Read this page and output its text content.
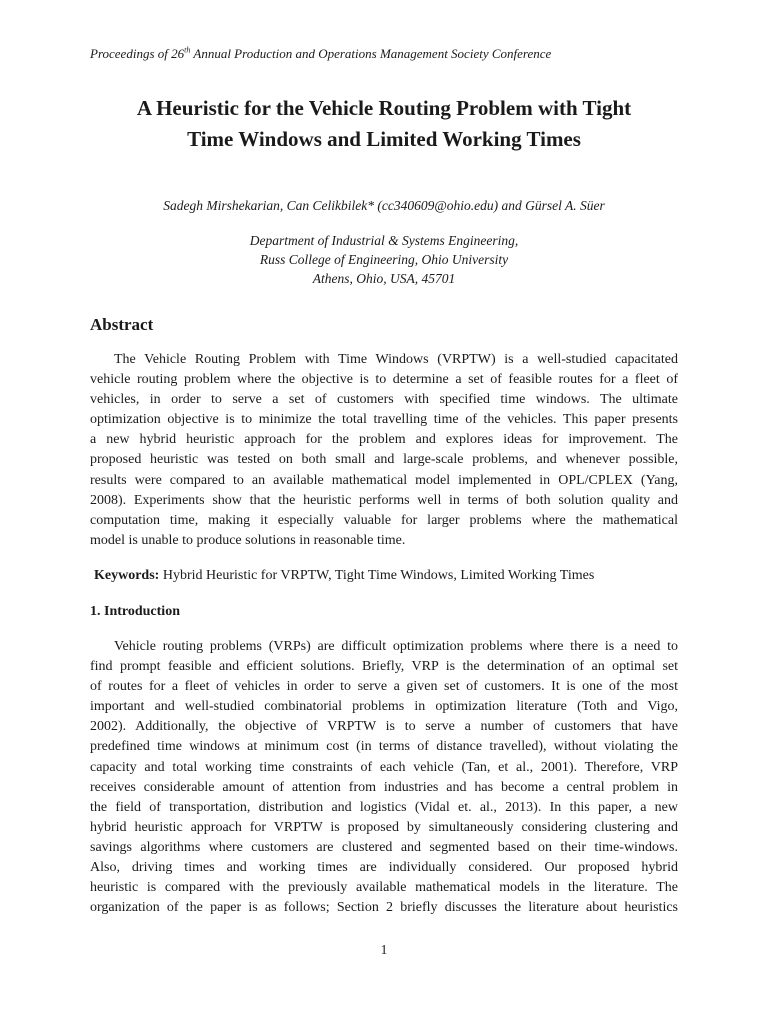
Proceedings of 26th Annual Production and Operations Management Society Conference
A Heuristic for the Vehicle Routing Problem with Tight
Time Windows and Limited Working Times
Sadegh Mirshekarian, Can Celikbilek* (cc340609@ohio.edu) and Gürsel A. Süer
Department of Industrial & Systems Engineering,
Russ College of Engineering, Ohio University
Athens, Ohio, USA, 45701
Abstract
The Vehicle Routing Problem with Time Windows (VRPTW) is a well-studied capacitated
vehicle routing problem where the objective is to determine a set of feasible routes for a fleet of
vehicles, in order to serve a set of customers with specified time windows. The ultimate
optimization objective is to minimize the total travelling time of the vehicles. This paper presents
a new hybrid heuristic approach for the problem and explores ideas for improvement. The
proposed heuristic was tested on both small and large-scale problems, and whenever possible,
results were compared to an available mathematical model implemented in OPL/CPLEX (Yang,
2008). Experiments show that the heuristic performs well in terms of both solution quality and
computation time, making it especially valuable for larger problems where the mathematical
model is unable to produce solutions in reasonable time.
Keywords: Hybrid Heuristic for VRPTW, Tight Time Windows, Limited Working Times
1. Introduction
Vehicle routing problems (VRPs) are difficult optimization problems where there is a need to
find prompt feasible and efficient solutions. Briefly, VRP is the determination of an optimal set
of routes for a fleet of vehicles in order to serve a given set of customers. It is one of the most
important and well-studied combinatorial problems in optimization literature (Toth and Vigo,
2002). Additionally, the objective of VRPTW is to serve a number of customers that have
predefined time windows at minimum cost (in terms of distance travelled), without violating the
capacity and total working time constraints of each vehicle (Tan, et al., 2001). Therefore, VRP
receives considerable amount of attention from industries and has become a central problem in
the field of transportation, distribution and logistics (Vidal et. al., 2013). In this paper, a new
hybrid heuristic approach for VRPTW is proposed by simultaneously considering clustering and
savings algorithms where customers are clustered and segmented based on their time-windows.
Also, driving times and working times are individually considered. Our proposed hybrid
heuristic is compared with the previously available mathematical models in the literature. The
organization of the paper is as follows; Section 2 briefly discusses the literature about heuristics
1
